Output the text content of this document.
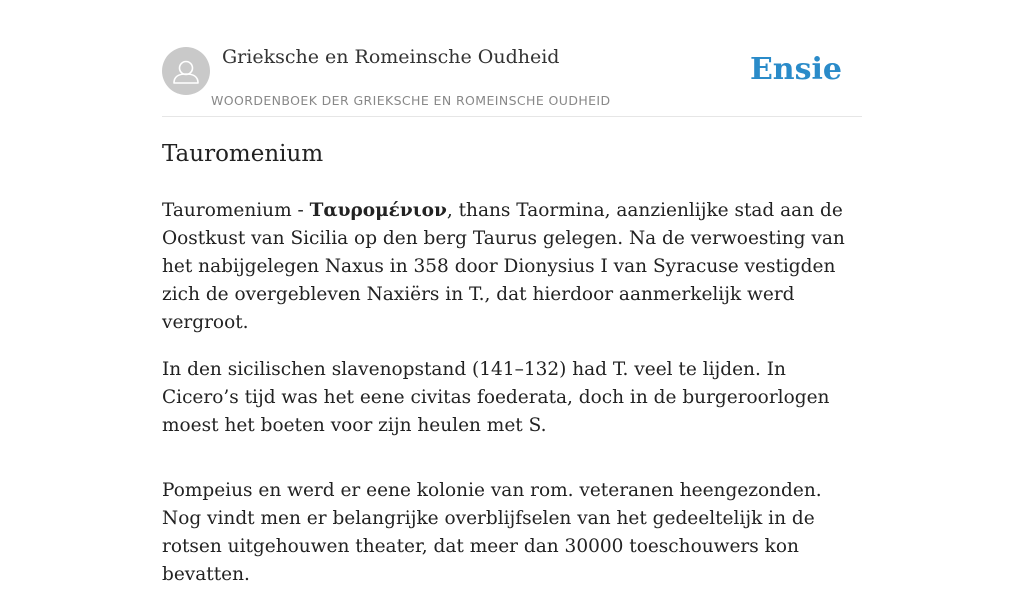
Grieksche en Romeinsche Oudheid
WOORDENBOEK DER GRIEKSCHE EN ROMEINSCHE OUDHEID
Ensie
Tauromenium

Tauromenium - Ταυρομένιον, thans Taormina, aanzienlijke stad aan de Oostkust van Sicilia op den berg Taurus gelegen. Na de verwoesting van het nabijgelegen Naxus in 358 door Dionysius I van Syracuse vestigden zich de overgebleven Naxiërs in T., dat hierdoor aanmerkelijk werd vergroot.

In den sicilischen slavenopstand (141–132) had T. veel te lijden. In Cicero’s tijd was het eene civitas foederata, doch in de burgeroorlogen moest het boeten voor zijn heulen met S.

Pompeius en werd er eene kolonie van rom. veteranen heengezonden. Nog vindt men er belangrijke overblijfselen van het gedeeltelijk in de rotsen uitgehouwen theater, dat meer dan 30000 toeschouwers kon bevatten.
